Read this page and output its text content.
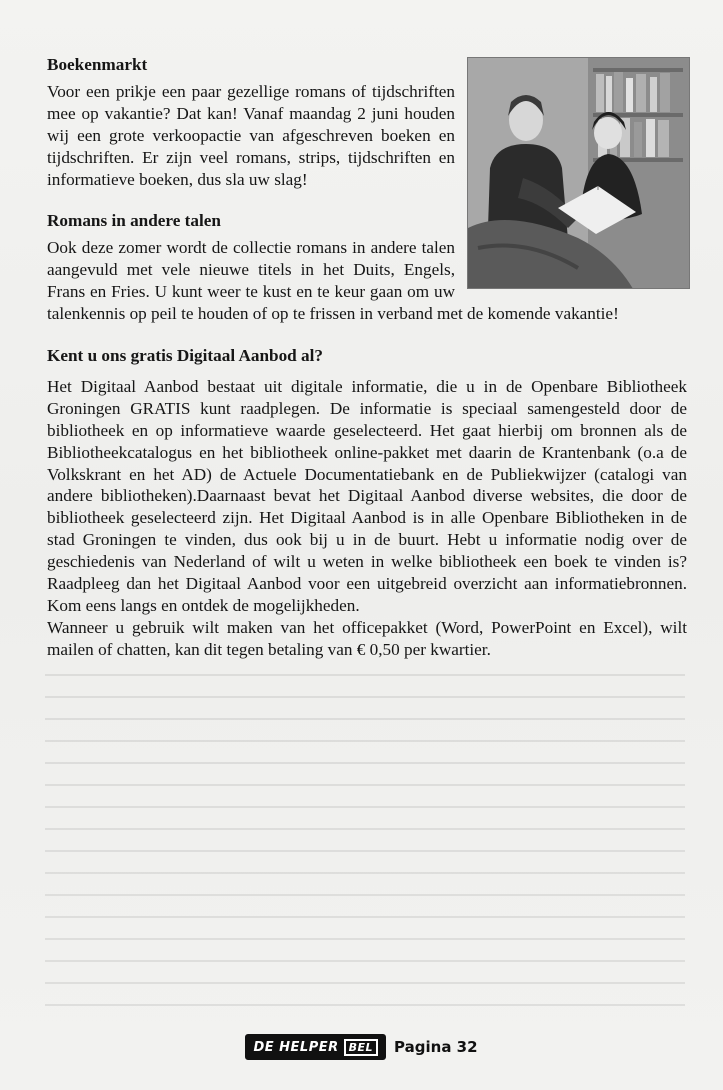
Boekenmarkt

Voor een prikje een paar gezellige romans of tijdschriften mee op vakantie? Dat kan! Vanaf maandag 2 juni houden wij een grote verkoopactie van afgeschreven boeken en tijdschriften. Er zijn veel romans, strips, tijdschriften en informatieve boeken, dus sla uw slag!

Romans in andere talen

Ook deze zomer wordt de collectie romans in andere talen aangevuld met vele nieuwe titels in het Duits, Engels, Frans en Fries. U kunt weer te kust en te keur gaan om uw talenkennis op peil te houden of op te frissen in verband met de komende vakantie!

Kent u ons gratis Digitaal Aanbod al?

Het Digitaal Aanbod bestaat uit digitale informatie, die u in de Openbare Bibliotheek Groningen GRATIS kunt raadplegen. De informatie is speciaal samengesteld door de bibliotheek en op informatieve waarde geselecteerd. Het gaat hierbij om bronnen als de Bibliotheekcatalogus en het bibliotheek online-pakket met daarin de Krantenbank (o.a de Volkskrant en het AD) de Actuele Documentatiebank en de Publiekwijzer (catalogi van andere bibliotheken).Daarnaast bevat het Digitaal Aanbod diverse websites, die door de bibliotheek geselecteerd zijn. Het Digitaal Aanbod is in alle Openbare Bibliotheken in de stad Groningen te vinden, dus ook bij u in de buurt. Hebt u informatie nodig over de geschiedenis van Nederland of wilt u weten in welke bibliotheek een boek te vinden is? Raadpleeg dan het Digitaal Aanbod voor een uitgebreid overzicht aan informatiebronnen. Kom eens langs en ontdek de mogelijkheden.

Wanneer u gebruik wilt maken van het officepakket (Word, PowerPoint en Excel), wilt mailen of chatten, kan dit tegen betaling van € 0,50 per kwartier.

DE HELPER BEL	Pagina 32
